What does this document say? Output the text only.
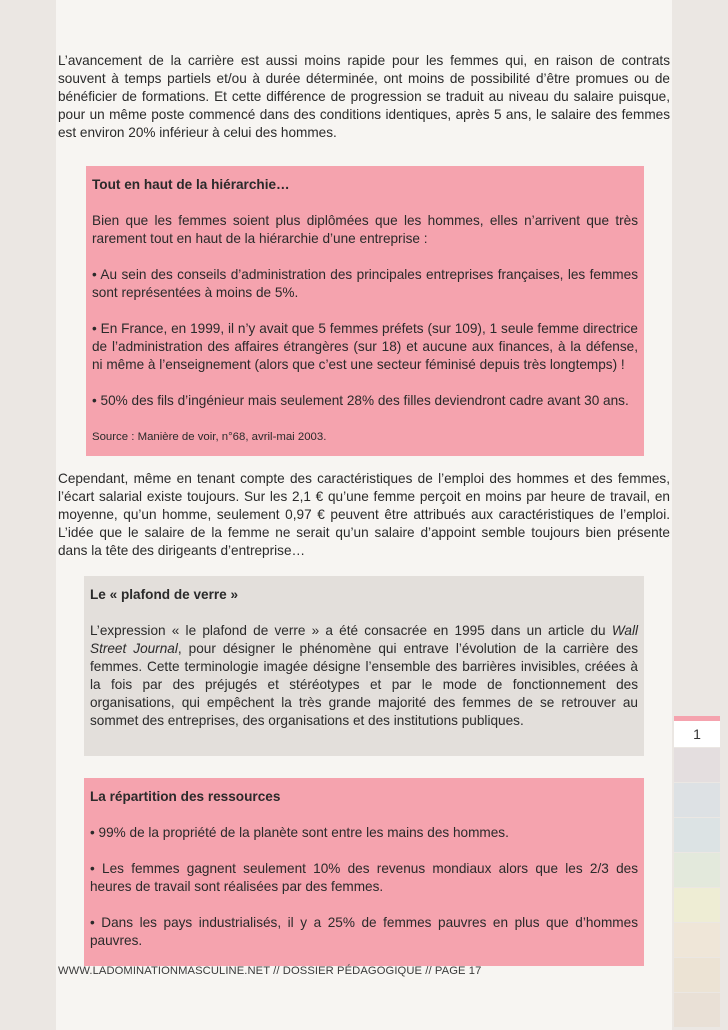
L’avancement de la carrière est aussi moins rapide pour les femmes qui, en raison de contrats souvent à temps partiels et/ou à durée déterminée, ont moins de possibilité d’être promues ou de bénéficier de formations. Et cette différence de progression se traduit au niveau du salaire puisque, pour un même poste commencé dans des conditions identiques, après 5 ans, le salaire des femmes est environ 20% inférieur à celui des hommes.

Tout en haut de la hiérarchie…

Bien que les femmes soient plus diplômées que les hommes, elles n’arrivent que très rarement tout en haut de la hiérarchie d’une entreprise :

• Au sein des conseils d’administration des principales entreprises françaises, les femmes sont représentées à moins de 5%.

• En France, en 1999, il n’y avait que 5 femmes préfets (sur 109), 1 seule femme directrice de l’administration des affaires étrangères (sur 18) et aucune aux finances, à la défense, ni même à l’enseignement (alors que c’est une secteur féminisé depuis très longtemps) !

• 50% des fils d’ingénieur mais seulement 28% des filles deviendront cadre avant 30 ans.

Source : Manière de voir, n°68, avril-mai 2003.

Cependant, même en tenant compte des caractéristiques de l’emploi des hommes et des femmes, l’écart salarial existe toujours. Sur les 2,1 € qu’une femme perçoit en moins par heure de travail, en moyenne, qu’un homme, seulement 0,97 € peuvent être attribués aux caractéristiques de l’emploi. L’idée que le salaire de la femme ne serait qu’un salaire d’appoint semble toujours bien présente dans la tête des dirigeants d’entreprise…

Le « plafond de verre »

L’expression « le plafond de verre » a été consacrée en 1995 dans un article du Wall Street Journal, pour désigner le phénomène qui entrave l’évolution de la carrière des femmes. Cette terminologie imagée désigne l’ensemble des barrières invisibles, créées à la fois par des préjugés et stéréotypes et par le mode de fonctionnement des organisations, qui empêchent la très grande majorité des femmes de se retrouver au sommet des entreprises, des organisations et des institutions publiques.

La répartition des ressources

• 99% de la propriété de la planète sont entre les mains des hommes.

• Les femmes gagnent seulement 10% des revenus mondiaux alors que les 2/3 des heures de travail sont réalisées par des femmes.

• Dans les pays industrialisés, il y a 25% de femmes pauvres en plus que d’hommes pauvres.

WWW.LADOMINATIONMASCULINE.NET // DOSSIER PÉDAGOGIQUE // PAGE 17
1
